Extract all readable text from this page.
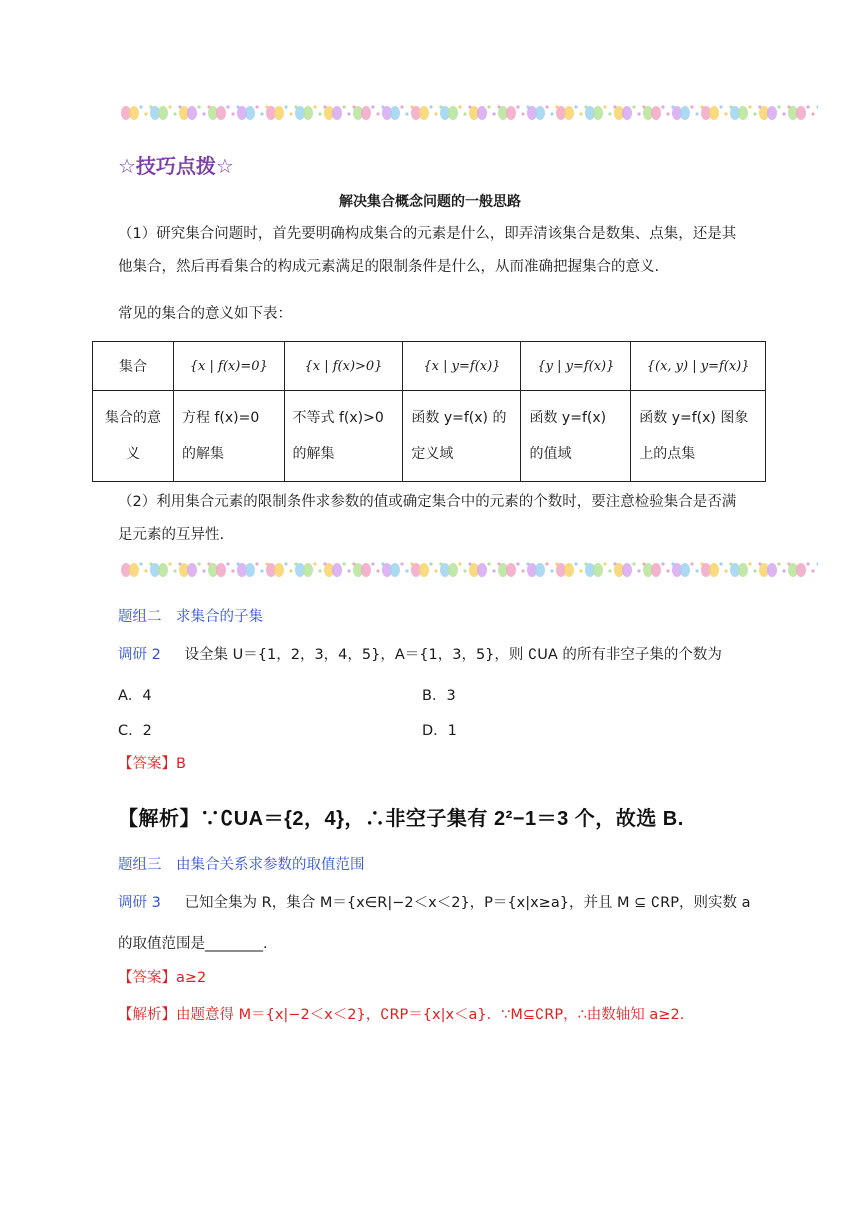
☆技巧点拨☆
解决集合概念问题的一般思路
（1）研究集合问题时，首先要明确构成集合的元素是什么，即弄清该集合是数集、点集，还是其他集合，然后再看集合的构成元素满足的限制条件是什么，从而准确把握集合的意义.
常见的集合的意义如下表：
集合	{x | f(x)=0}	{x | f(x)>0}	{x | y=f(x)}	{y | y=f(x)}	{(x, y) | y=f(x)}
集合的意义	方程 f(x)=0 的解集	不等式 f(x)>0 的解集	函数 y=f(x) 的定义域	函数 y=f(x) 的值域	函数 y=f(x) 图象上的点集
（2）利用集合元素的限制条件求参数的值或确定集合中的元素的个数时，要注意检验集合是否满足元素的互异性.
题组二　求集合的子集
调研 2 　 设全集 U＝{1，2，3，4，5}，A＝{1，3，5}，则 ∁UA 的所有非空子集的个数为
A．4	B．3
C．2	D．1
【答案】B
【解析】∵∁UA＝{2，4}，∴非空子集有 2²−1＝3 个，故选 B.
题组三　由集合关系求参数的取值范围
调研 3 　 已知全集为 R，集合 M＝{x∈R|−2＜x＜2}，P＝{x|x≥a}，并且 M ⊆ ∁RP，则实数 a
的取值范围是________.
【答案】a≥2
【解析】由题意得 M＝{x|−2＜x＜2}，∁RP＝{x|x＜a}．∵M⊆∁RP，∴由数轴知 a≥2.
